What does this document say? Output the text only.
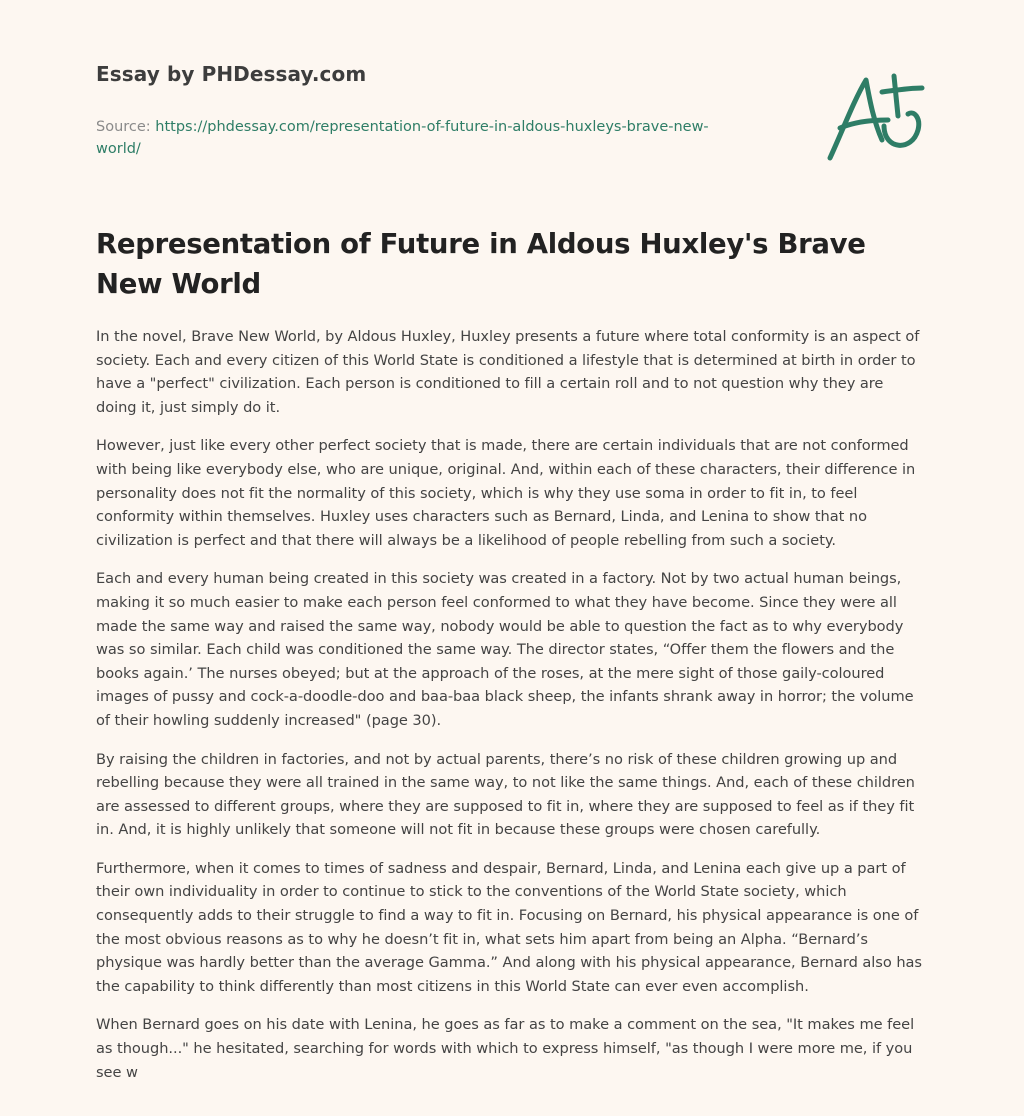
Essay by PHDessay.com
Source: https://phdessay.com/representation-of-future-in-aldous-huxleys-brave-new-world/
Representation of Future in Aldous Huxley's Brave New World

In the novel, Brave New World, by Aldous Huxley, Huxley presents a future where total conformity is an aspect of society. Each and every citizen of this World State is conditioned a lifestyle that is determined at birth in order to have a "perfect" civilization. Each person is conditioned to fill a certain roll and to not question why they are doing it, just simply do it.

However, just like every other perfect society that is made, there are certain individuals that are not conformed with being like everybody else, who are unique, original. And, within each of these characters, their difference in personality does not fit the normality of this society, which is why they use soma in order to fit in, to feel conformity within themselves. Huxley uses characters such as Bernard, Linda, and Lenina to show that no civilization is perfect and that there will always be a likelihood of people rebelling from such a society.

Each and every human being created in this society was created in a factory. Not by two actual human beings, making it so much easier to make each person feel conformed to what they have become. Since they were all made the same way and raised the same way, nobody would be able to question the fact as to why everybody was so similar. Each child was conditioned the same way. The director states, “Offer them the flowers and the books again.’ The nurses obeyed; but at the approach of the roses, at the mere sight of those gaily-coloured images of pussy and cock-a-doodle-doo and baa-baa black sheep, the infants shrank away in horror; the volume of their howling suddenly increased" (page 30).

By raising the children in factories, and not by actual parents, there’s no risk of these children growing up and rebelling because they were all trained in the same way, to not like the same things. And, each of these children are assessed to different groups, where they are supposed to fit in, where they are supposed to feel as if they fit in. And, it is highly unlikely that someone will not fit in because these groups were chosen carefully.

Furthermore, when it comes to times of sadness and despair, Bernard, Linda, and Lenina each give up a part of their own individuality in order to continue to stick to the conventions of the World State society, which consequently adds to their struggle to find a way to fit in. Focusing on Bernard, his physical appearance is one of the most obvious reasons as to why he doesn’t fit in, what sets him apart from being an Alpha. “Bernard’s physique was hardly better than the average Gamma.” And along with his physical appearance, Bernard also has the capability to think differently than most citizens in this World State can ever even accomplish.

When Bernard goes on his date with Lenina, he goes as far as to make a comment on the sea, "It makes me feel as though..." he hesitated, searching for words with which to express himself, "as though I were more me, if you see w
